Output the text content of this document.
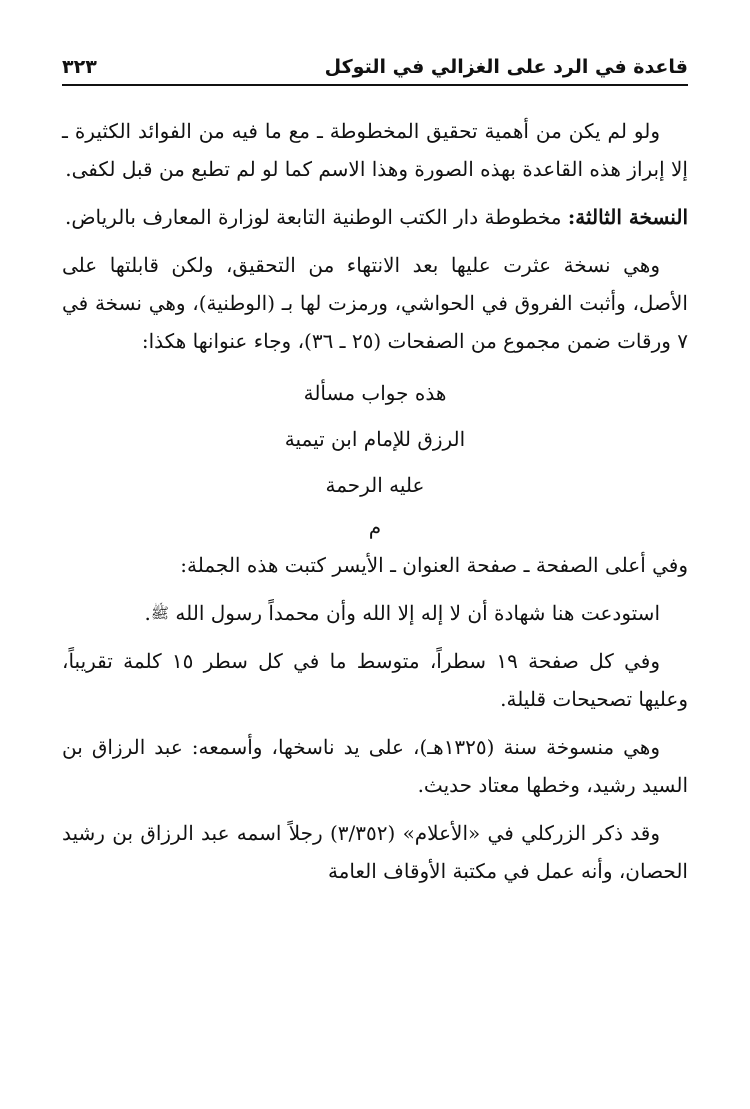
قاعدة في الرد على الغزالي في التوكل
٣٢٣

ولو لم يكن من أهمية تحقيق المخطوطة ـ مع ما فيه من الفوائد الكثيرة ـ إلا إبراز هذه القاعدة بهذه الصورة وهذا الاسم كما لو لم تطبع من قبل لكفى.

النسخة الثالثة: مخطوطة دار الكتب الوطنية التابعة لوزارة المعارف بالرياض.

وهي نسخة عثرت عليها بعد الانتهاء من التحقيق، ولكن قابلتها على الأصل، وأثبت الفروق في الحواشي، ورمزت لها بـ (الوطنية)، وهي نسخة في ٧ ورقات ضمن مجموع من الصفحات (٢٥ ـ ٣٦)، وجاء عنوانها هكذا:

هذه جواب مسألة
الرزق للإمام ابن تيمية
عليه الرحمة
م

وفي أعلى الصفحة ـ صفحة العنوان ـ الأيسر كتبت هذه الجملة:

استودعت هنا شهادة أن لا إله إلا الله وأن محمداً رسول الله ﷺ.

وفي كل صفحة ١٩ سطراً، متوسط ما في كل سطر ١٥ كلمة تقريباً، وعليها تصحيحات قليلة.

وهي منسوخة سنة (١٣٢٥هـ)، على يد ناسخها، وأسمعه: عبد الرزاق بن السيد رشيد، وخطها معتاد حديث.

وقد ذكر الزركلي في «الأعلام» (٣/٣٥٢) رجلاً اسمه عبد الرزاق بن رشيد الحصان، وأنه عمل في مكتبة الأوقاف العامة
